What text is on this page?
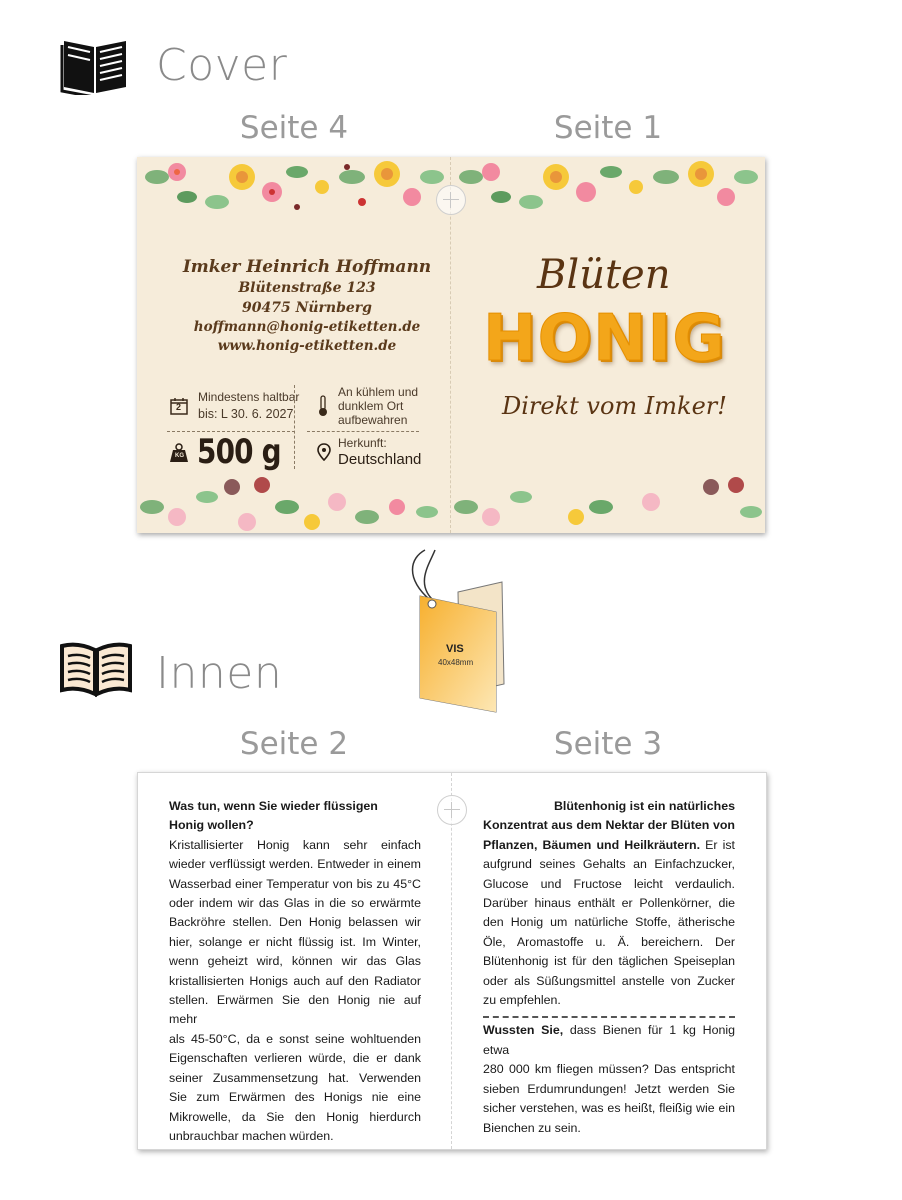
Cover
Seite 4	Seite 1
Imker Heinrich Hoffmann
Blütenstraße 123
90475 Nürnberg
hoffmann@honig-etiketten.de
www.honig-etiketten.de
2
Mindestens haltbar
bis: L 30. 6. 2027
KG 500 g
An kühlem und
dunklem Ort
aufbewahren
Herkunft:
Deutschland
Blüten
HONIG
Direkt vom Imker!
VIS
40x48mm
Innen
Seite 2	Seite 3
Was tun, wenn Sie wieder flüssigen
Honig wollen?
Kristallisierter Honig kann sehr einfach
wieder verflüssigt werden. Entweder in einem
Wasserbad einer Temperatur von bis zu 45°C
oder indem wir das Glas in die so erwärmte
Backröhre stellen. Den Honig belassen wir
hier, solange er nicht flüssig ist. Im Winter,
wenn geheizt wird, können wir das Glas
kristallisierten Honigs auch auf den Radiator
stellen. Erwärmen Sie den Honig nie auf mehr
als 45-50°C, da e sonst seine wohltuenden
Eigenschaften verlieren würde, die er dank
seiner Zusammensetzung hat. Verwenden
Sie zum Erwärmen des Honigs nie eine
Mikrowelle, da Sie den Honig hierdurch
unbrauchbar machen würden.
Blütenhonig ist ein natürliches
Konzentrat aus dem Nektar der Blüten von
Pflanzen, Bäumen und Heilkräutern. Er ist
aufgrund seines Gehalts an Einfachzucker,
Glucose und Fructose leicht verdaulich.
Darüber hinaus enthält er Pollenkörner, die
den Honig um natürliche Stoffe, ätherische
Öle, Aromastoffe u. Ä. bereichern. Der
Blütenhonig ist für den täglichen Speiseplan
oder als Süßungsmittel anstelle von Zucker
zu empfehlen.
Wussten Sie, dass Bienen für 1 kg Honig etwa
280 000 km fliegen müssen? Das entspricht
sieben Erdumrundungen! Jetzt werden Sie
sicher verstehen, was es heißt, fleißig wie ein
Bienchen zu sein.
